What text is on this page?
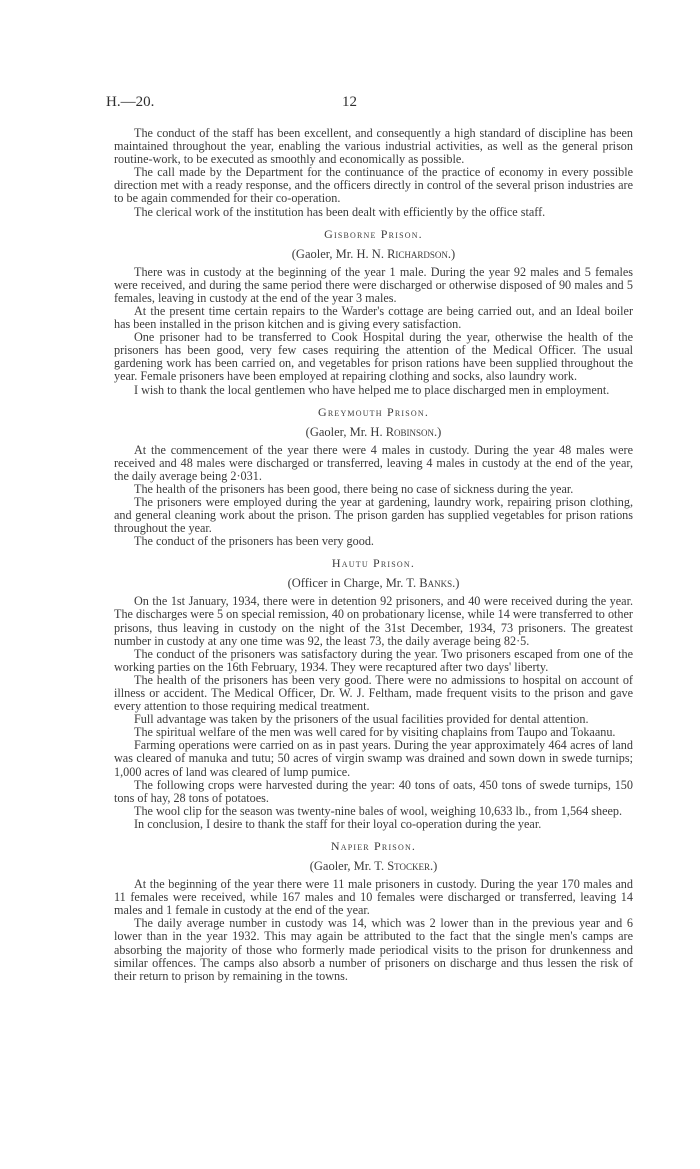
H.—20.	12

The conduct of the staff has been excellent, and consequently a high standard of discipline has been maintained throughout the year, enabling the various industrial activities, as well as the general prison routine-work, to be executed as smoothly and economically as possible.

The call made by the Department for the continuance of the practice of economy in every possible direction met with a ready response, and the officers directly in control of the several prison industries are to be again commended for their co-operation.

The clerical work of the institution has been dealt with efficiently by the office staff.

Gisborne Prison.
(Gaoler, Mr. H. N. Richardson.)

There was in custody at the beginning of the year 1 male. During the year 92 males and 5 females were received, and during the same period there were discharged or otherwise disposed of 90 males and 5 females, leaving in custody at the end of the year 3 males.

At the present time certain repairs to the Warder's cottage are being carried out, and an Ideal boiler has been installed in the prison kitchen and is giving every satisfaction.

One prisoner had to be transferred to Cook Hospital during the year, otherwise the health of the prisoners has been good, very few cases requiring the attention of the Medical Officer. The usual gardening work has been carried on, and vegetables for prison rations have been supplied throughout the year. Female prisoners have been employed at repairing clothing and socks, also laundry work.

I wish to thank the local gentlemen who have helped me to place discharged men in employment.

Greymouth Prison.
(Gaoler, Mr. H. Robinson.)

At the commencement of the year there were 4 males in custody. During the year 48 males were received and 48 males were discharged or transferred, leaving 4 males in custody at the end of the year, the daily average being 2·031.

The health of the prisoners has been good, there being no case of sickness during the year.

The prisoners were employed during the year at gardening, laundry work, repairing prison clothing, and general cleaning work about the prison. The prison garden has supplied vegetables for prison rations throughout the year.

The conduct of the prisoners has been very good.

Hautu Prison.
(Officer in Charge, Mr. T. Banks.)

On the 1st January, 1934, there were in detention 92 prisoners, and 40 were received during the year. The discharges were 5 on special remission, 40 on probationary license, while 14 were transferred to other prisons, thus leaving in custody on the night of the 31st December, 1934, 73 prisoners. The greatest number in custody at any one time was 92, the least 73, the daily average being 82·5.

The conduct of the prisoners was satisfactory during the year. Two prisoners escaped from one of the working parties on the 16th February, 1934. They were recaptured after two days' liberty.

The health of the prisoners has been very good. There were no admissions to hospital on account of illness or accident. The Medical Officer, Dr. W. J. Feltham, made frequent visits to the prison and gave every attention to those requiring medical treatment.

Full advantage was taken by the prisoners of the usual facilities provided for dental attention.

The spiritual welfare of the men was well cared for by visiting chaplains from Taupo and Tokaanu.

Farming operations were carried on as in past years. During the year approximately 464 acres of land was cleared of manuka and tutu; 50 acres of virgin swamp was drained and sown down in swede turnips; 1,000 acres of land was cleared of lump pumice.

The following crops were harvested during the year: 40 tons of oats, 450 tons of swede turnips, 150 tons of hay, 28 tons of potatoes.

The wool clip for the season was twenty-nine bales of wool, weighing 10,633 lb., from 1,564 sheep.

In conclusion, I desire to thank the staff for their loyal co-operation during the year.

Napier Prison.
(Gaoler, Mr. T. Stocker.)

At the beginning of the year there were 11 male prisoners in custody. During the year 170 males and 11 females were received, while 167 males and 10 females were discharged or transferred, leaving 14 males and 1 female in custody at the end of the year.

The daily average number in custody was 14, which was 2 lower than in the previous year and 6 lower than in the year 1932. This may again be attributed to the fact that the single men's camps are absorbing the majority of those who formerly made periodical visits to the prison for drunkenness and similar offences. The camps also absorb a number of prisoners on discharge and thus lessen the risk of their return to prison by remaining in the towns.
